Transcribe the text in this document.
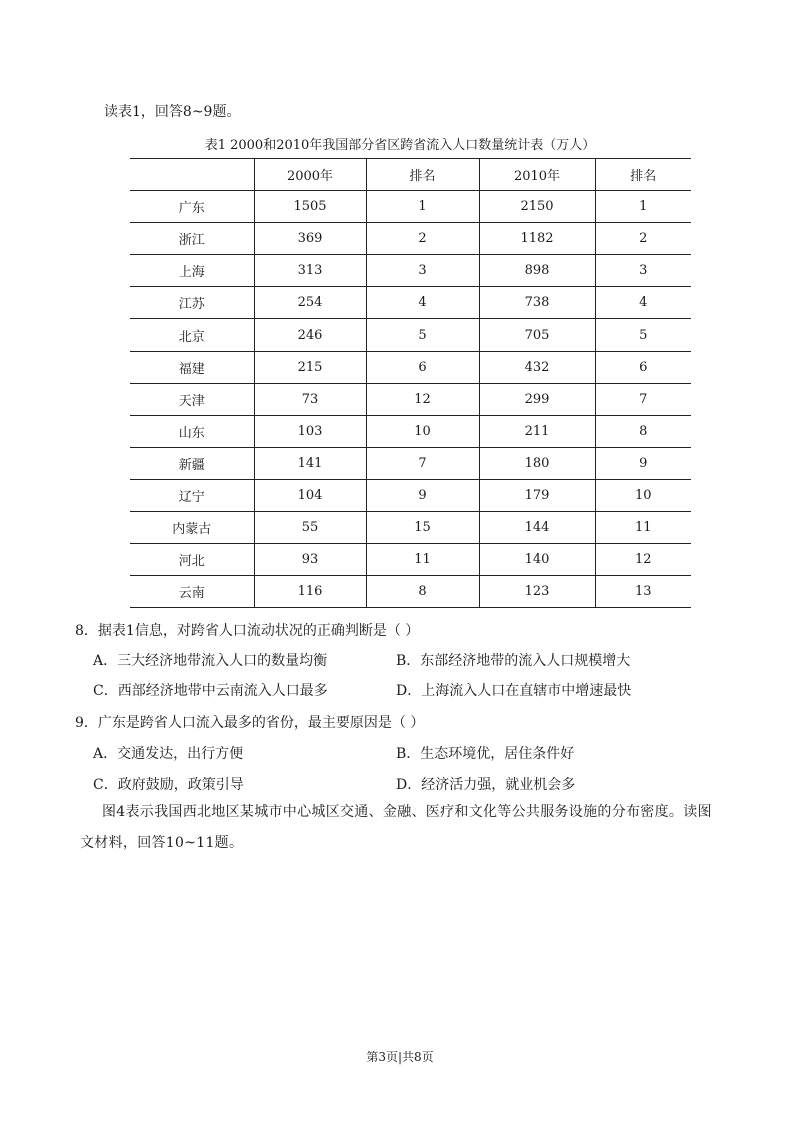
读表1，回答8~9题。
表1 2000和2010年我国部分省区跨省流入人口数量统计表（万人）
	2000年	排名	2010年	排名
广东	1505	1	2150	1
浙江	369	2	1182	2
上海	313	3	898	3
江苏	254	4	738	4
北京	246	5	705	5
福建	215	6	432	6
天津	73	12	299	7
山东	103	10	211	8
新疆	141	7	180	9
辽宁	104	9	179	10
内蒙古	55	15	144	11
河北	93	11	140	12
云南	116	8	123	13
8．据表1信息，对跨省人口流动状况的正确判断是（ ）
A．三大经济地带流入人口的数量均衡	B．东部经济地带的流入人口规模增大
C．西部经济地带中云南流入人口最多	D．上海流入人口在直辖市中增速最快
9．广东是跨省人口流入最多的省份，最主要原因是（ ）
A．交通发达，出行方便	B．生态环境优，居住条件好
C．政府鼓励，政策引导	D．经济活力强，就业机会多
图4表示我国西北地区某城市中心城区交通、金融、医疗和文化等公共服务设施的分布密度。读图文材料，回答10~11题。
第3页|共8页
